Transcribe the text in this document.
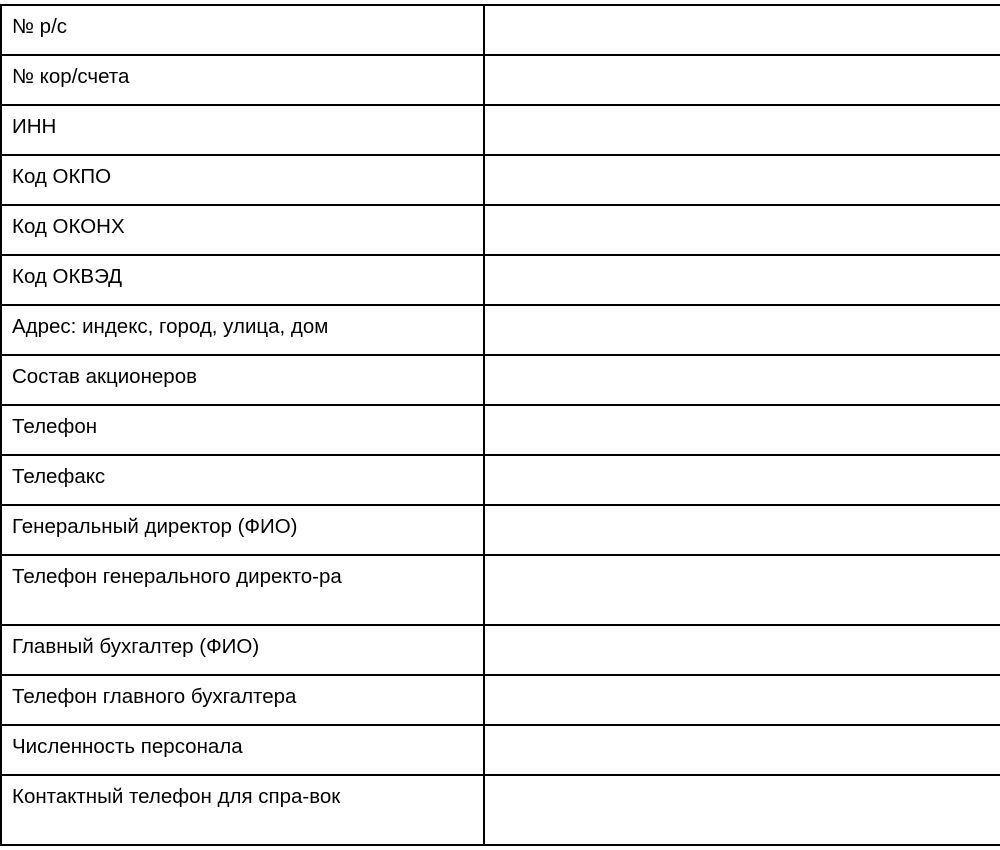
№ р/с	
№ кор/счета	
ИНН	
Код ОКПО	
Код ОКОНХ	
Код ОКВЭД	
Адрес: индекс, город, улица, дом	
Состав акционеров	
Телефон	
Телефакс	
Генеральный директор (ФИО)	
Телефон генерального директо-ра	
Главный бухгалтер (ФИО)	
Телефон главного бухгалтера	
Численность персонала	
Контактный телефон для спра-вок	
